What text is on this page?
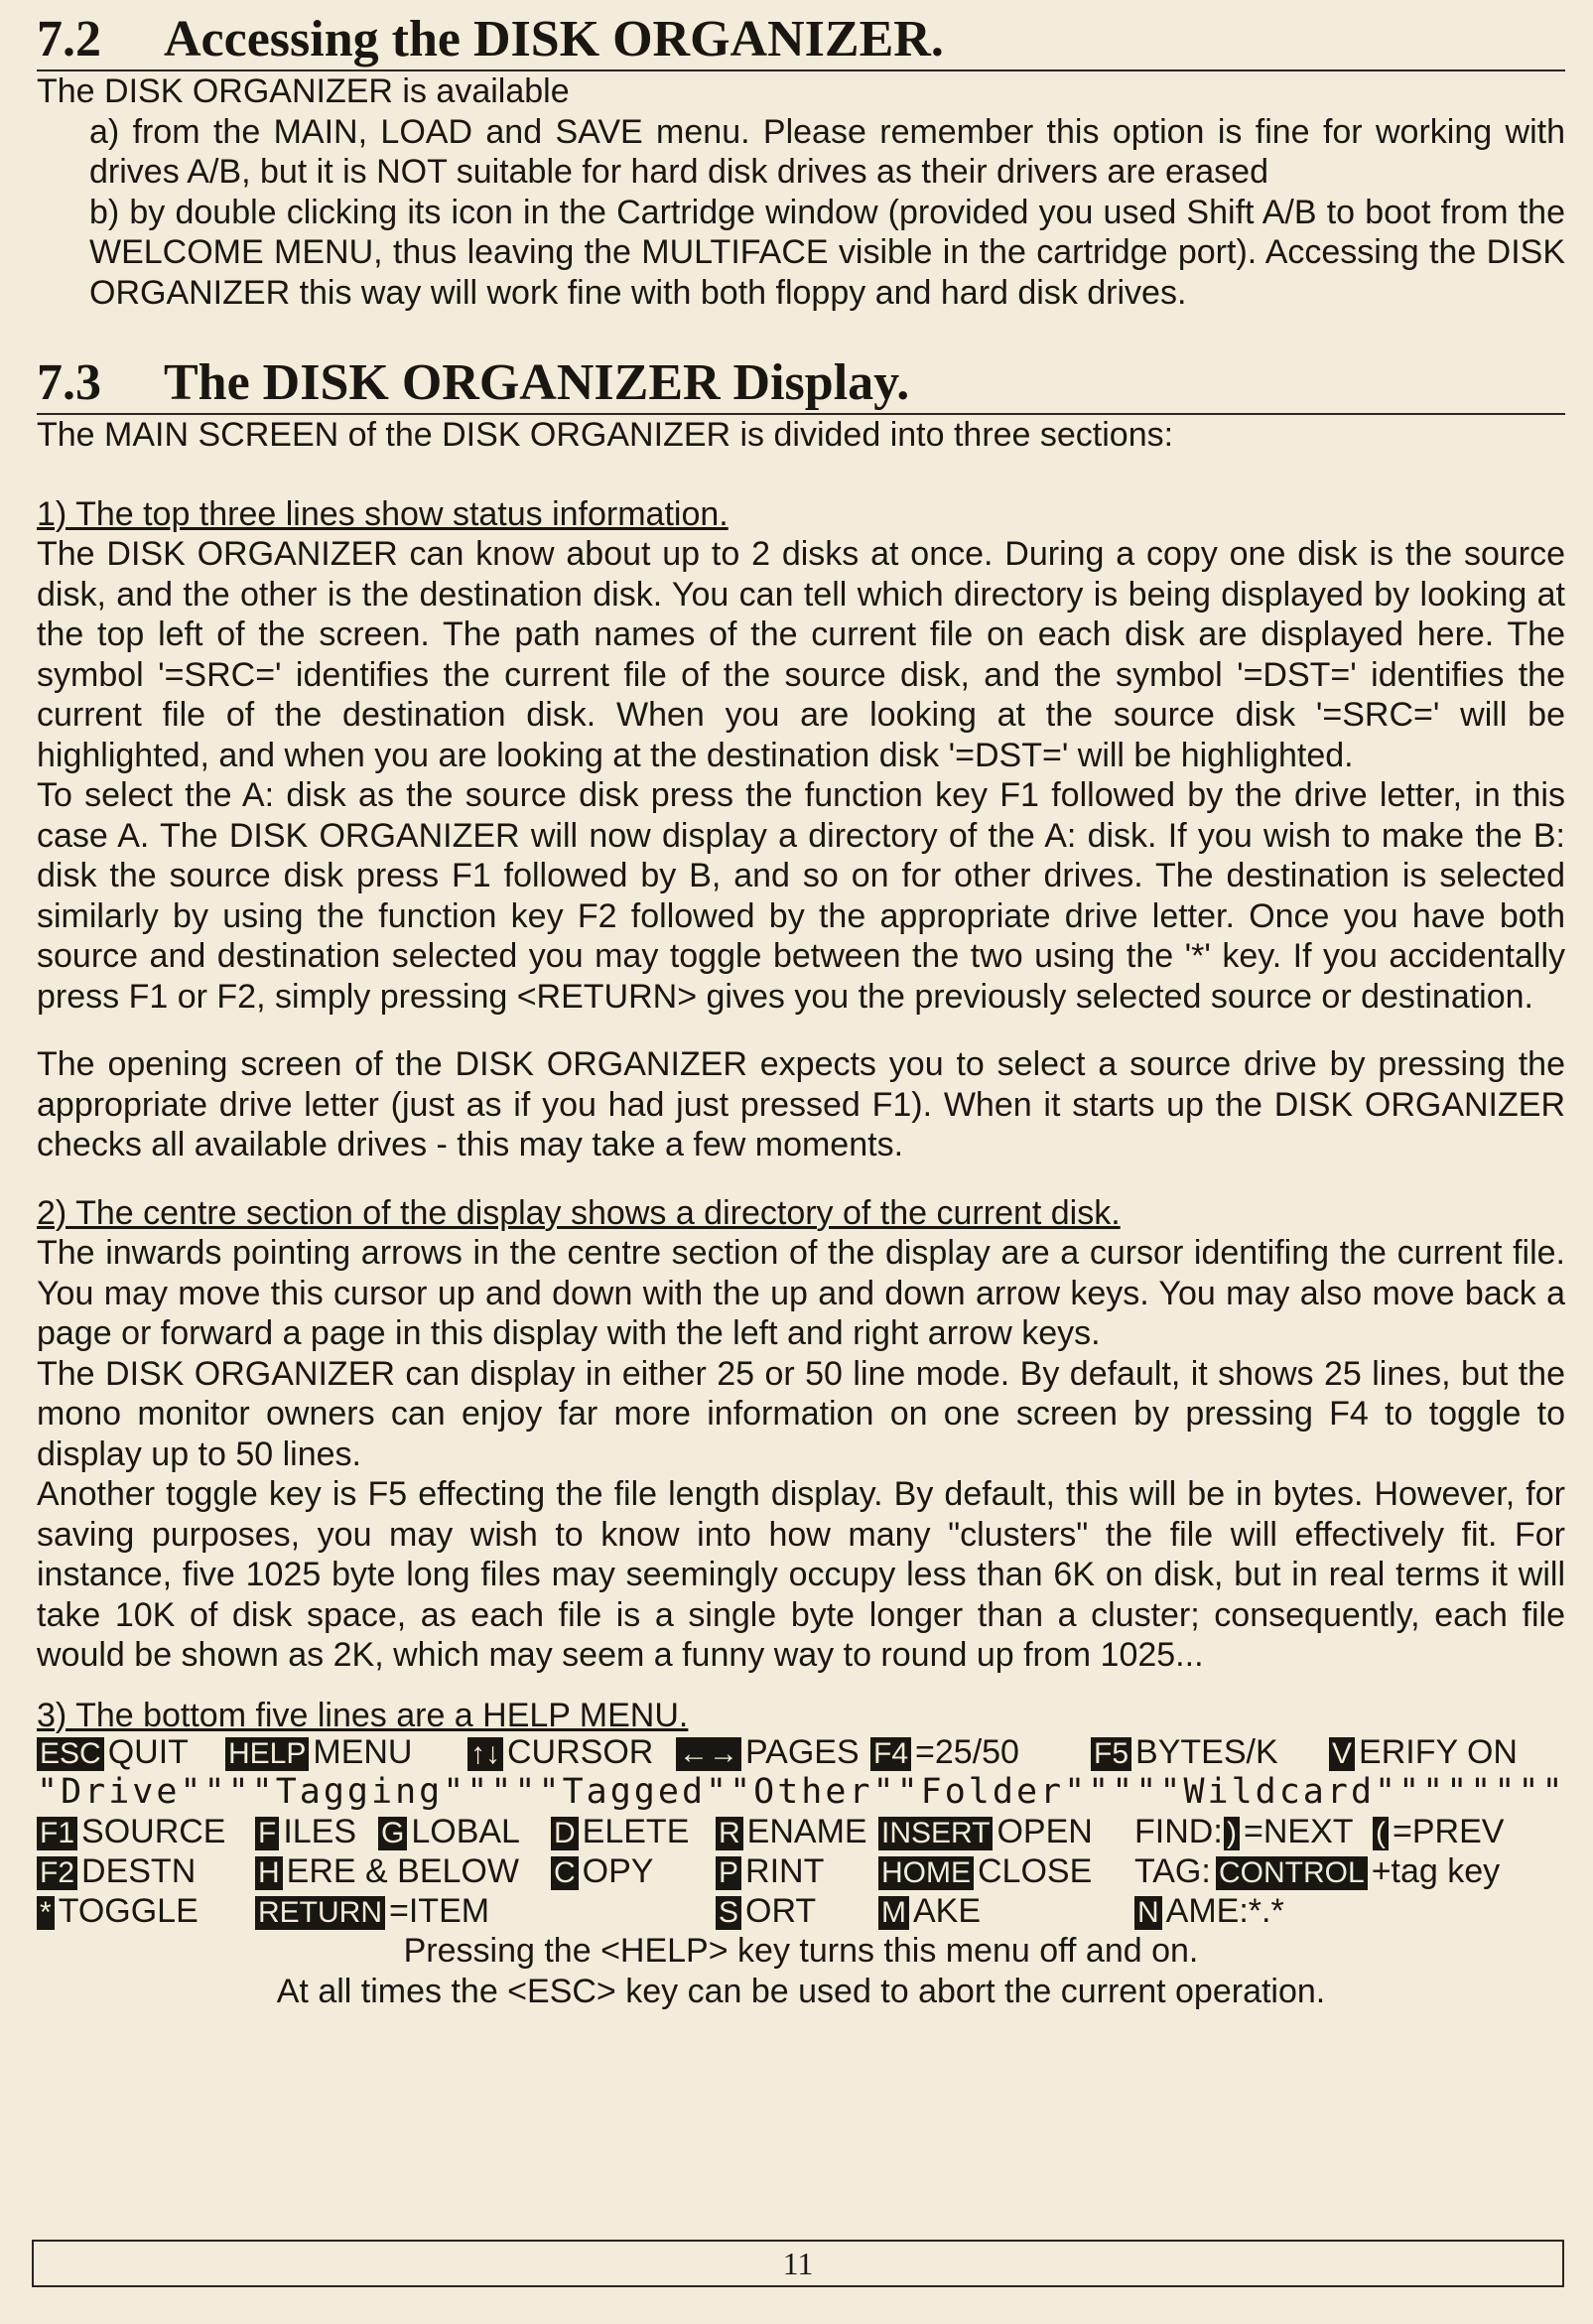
7.2 Accessing the DISK ORGANIZER.

The DISK ORGANIZER is available

a) from the MAIN, LOAD and SAVE menu. Please remember this option is fine for working with drives A/B, but it is NOT suitable for hard disk drives as their drivers are erased

b) by double clicking its icon in the Cartridge window (provided you used Shift A/B to boot from the WELCOME MENU, thus leaving the MULTIFACE visible in the cartridge port). Accessing the DISK ORGANIZER this way will work fine with both floppy and hard disk drives.

7.3 The DISK ORGANIZER Display.

The MAIN SCREEN of the DISK ORGANIZER is divided into three sections:

1) The top three lines show status information.

The DISK ORGANIZER can know about up to 2 disks at once. During a copy one disk is the source disk, and the other is the destination disk. You can tell which directory is being displayed by looking at the top left of the screen. The path names of the current file on each disk are displayed here. The symbol '=SRC=' identifies the current file of the source disk, and the symbol '=DST=' identifies the current file of the destination disk. When you are looking at the source disk '=SRC=' will be highlighted, and when you are looking at the destination disk '=DST=' will be highlighted.

To select the A: disk as the source disk press the function key F1 followed by the drive letter, in this case A. The DISK ORGANIZER will now display a directory of the A: disk. If you wish to make the B: disk the source disk press F1 followed by B, and so on for other drives. The destination is selected similarly by using the function key F2 followed by the appropriate drive letter. Once you have both source and destination selected you may toggle between the two using the '*' key. If you accidentally press F1 or F2, simply pressing <RETURN> gives you the previously selected source or destination.

The opening screen of the DISK ORGANIZER expects you to select a source drive by pressing the appropriate drive letter (just as if you had just pressed F1). When it starts up the DISK ORGANIZER checks all available drives - this may take a few moments.

2) The centre section of the display shows a directory of the current disk.

The inwards pointing arrows in the centre section of the display are a cursor identifing the current file. You may move this cursor up and down with the up and down arrow keys. You may also move back a page or forward a page in this display with the left and right arrow keys.

The DISK ORGANIZER can display in either 25 or 50 line mode. By default, it shows 25 lines, but the mono monitor owners can enjoy far more information on one screen by pressing F4 to toggle to display up to 50 lines.

Another toggle key is F5 effecting the file length display. By default, this will be in bytes. However, for saving purposes, you may wish to know into how many "clusters" the file will effectively fit. For instance, five 1025 byte long files may seemingly occupy less than 6K on disk, but in real terms it will take 10K of disk space, as each file is a single byte longer than a cluster; consequently, each file would be shown as 2K, which may seem a funny way to round up from 1025...

3) The bottom five lines are a HELP MENU.

ESC QUIT	HELP MENU	↑↓ CURSOR ←→ PAGES F4 =25/50	F5 BYTES/K	V ERIFY ON
"Drive""""Tagging"""""Tagged""Other""Folder"""""Wildcard""""""""
F1 SOURCE	F ILES G LOBAL	D ELETE R ENAME INSERT OPEN	FIND: ) =NEXT ( =PREV
F2 DESTN	H ERE & BELOW	C OPY	P RINT	HOME CLOSE	TAG: CONTROL +tag key
* TOGGLE	RETURN =ITEM	S ORT	M AKE	N AME:*.*

Pressing the <HELP> key turns this menu off and on.

At all times the <ESC> key can be used to abort the current operation.

11
